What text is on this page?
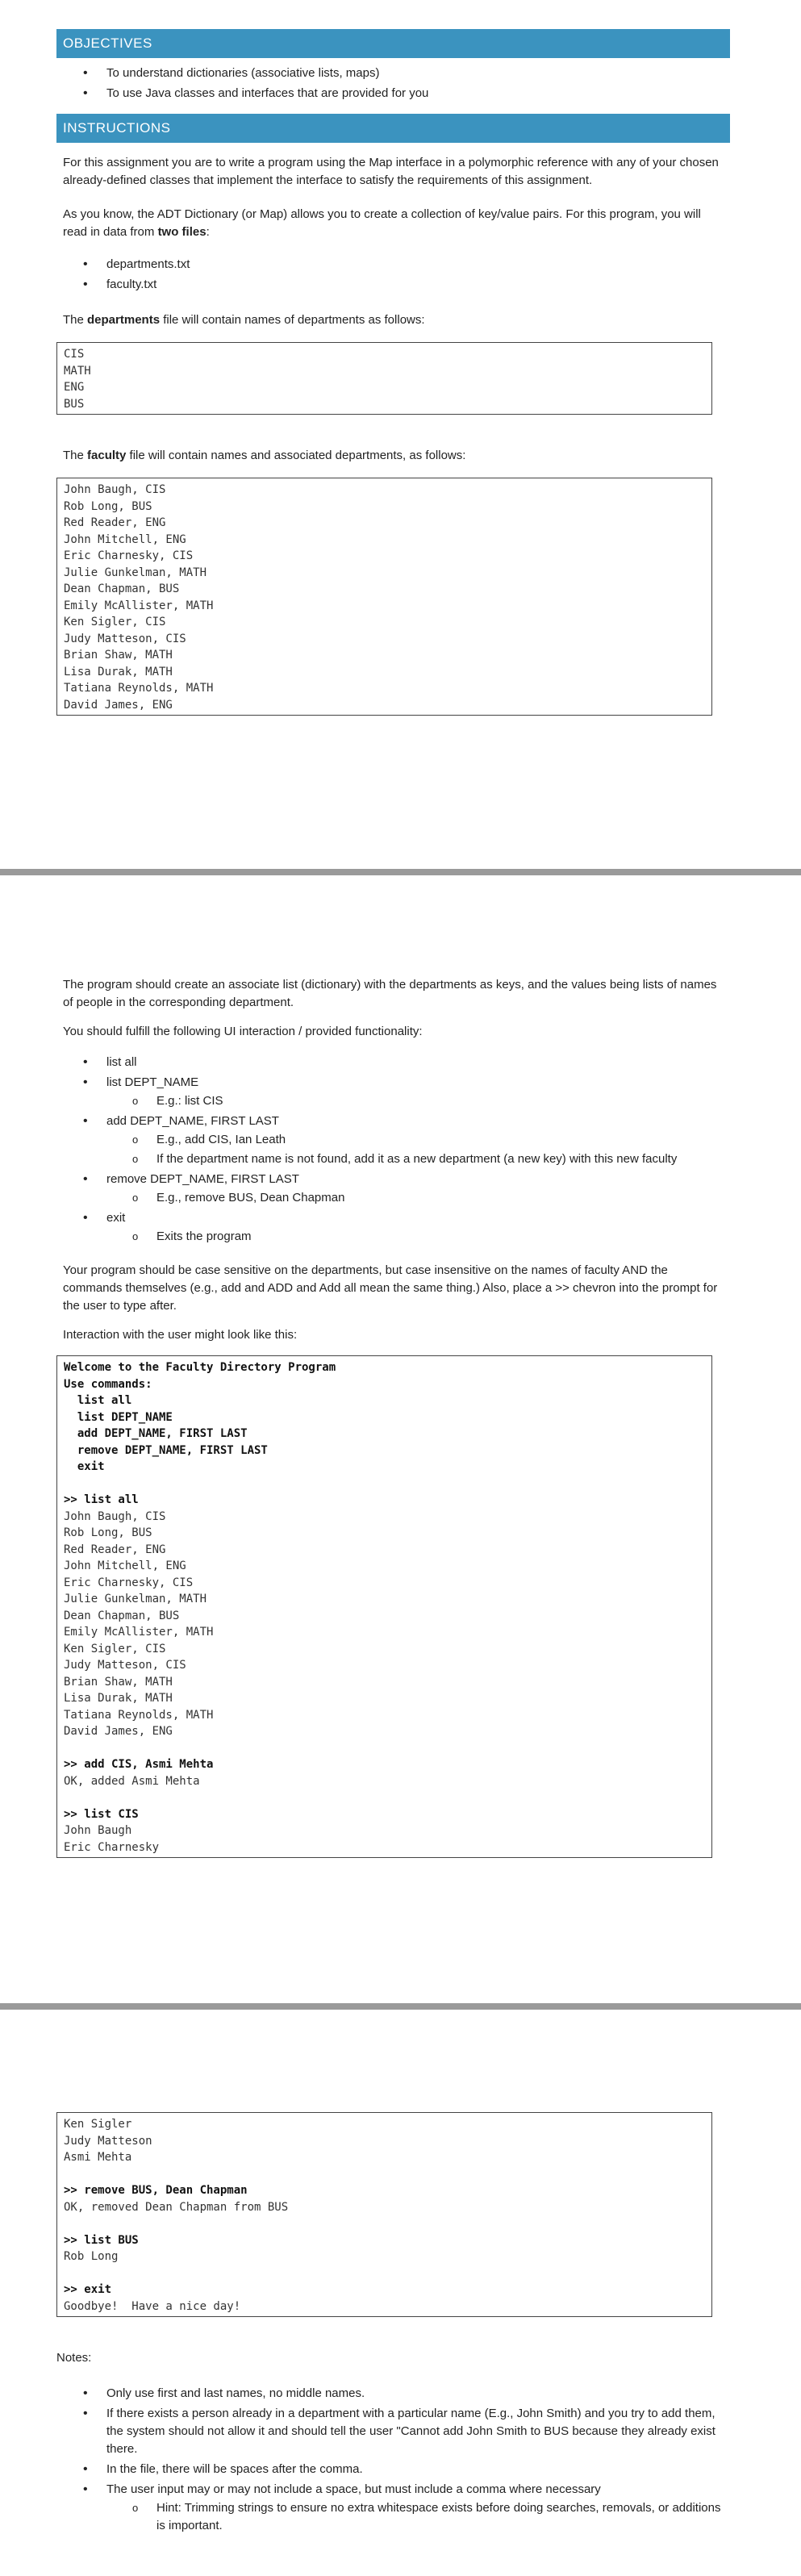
OBJECTIVES
• To understand dictionaries (associative lists, maps)
• To use Java classes and interfaces that are provided for you
INSTRUCTIONS

For this assignment you are to write a program using the Map interface in a polymorphic reference with any of your chosen already-defined classes that implement the interface to satisfy the requirements of this assignment.

As you know, the ADT Dictionary (or Map) allows you to create a collection of key/value pairs. For this program, you will read in data from two files:

• departments.txt
• faculty.txt

The departments file will contain names of departments as follows:

CIS
MATH
ENG
BUS

The faculty file will contain names and associated departments, as follows:

John Baugh, CIS
Rob Long, BUS
Red Reader, ENG
John Mitchell, ENG
Eric Charnesky, CIS
Julie Gunkelman, MATH
Dean Chapman, BUS
Emily McAllister, MATH
Ken Sigler, CIS
Judy Matteson, CIS
Brian Shaw, MATH
Lisa Durak, MATH
Tatiana Reynolds, MATH
David James, ENG

The program should create an associate list (dictionary) with the departments as keys, and the values being lists of names of people in the corresponding department.

You should fulfill the following UI interaction / provided functionality:

• list all
• list DEPT_NAME
o E.g.: list CIS
• add DEPT_NAME, FIRST LAST
o E.g., add CIS, Ian Leath
o If the department name is not found, add it as a new department (a new key) with this new faculty
• remove DEPT_NAME, FIRST LAST
o E.g., remove BUS, Dean Chapman
• exit
o Exits the program

Your program should be case sensitive on the departments, but case insensitive on the names of faculty AND the commands themselves (e.g., add and ADD and Add all mean the same thing.) Also, place a >> chevron into the prompt for the user to type after.

Interaction with the user might look like this:

Welcome to the Faculty Directory Program
Use commands:
list all
list DEPT_NAME
add DEPT_NAME, FIRST LAST
remove DEPT_NAME, FIRST LAST
exit
>> list all
John Baugh, CIS
Rob Long, BUS
Red Reader, ENG
John Mitchell, ENG
Eric Charnesky, CIS
Julie Gunkelman, MATH
Dean Chapman, BUS
Emily McAllister, MATH
Ken Sigler, CIS
Judy Matteson, CIS
Brian Shaw, MATH
Lisa Durak, MATH
Tatiana Reynolds, MATH
David James, ENG
>> add CIS, Asmi Mehta
OK, added Asmi Mehta
>> list CIS
John Baugh
Eric Charnesky
Ken Sigler
Judy Matteson
Asmi Mehta
>> remove BUS, Dean Chapman
OK, removed Dean Chapman from BUS
>> list BUS
Rob Long
>> exit
Goodbye!  Have a nice day!

Notes:

• Only use first and last names, no middle names.
• If there exists a person already in a department with a particular name (E.g., John Smith) and you try to add them, the system should not allow it and should tell the user "Cannot add John Smith to BUS because they already exist there.
• In the file, there will be spaces after the comma.
• The user input may or may not include a space, but must include a comma where necessary
o Hint: Trimming strings to ensure no extra whitespace exists before doing searches, removals, or additions is important.
